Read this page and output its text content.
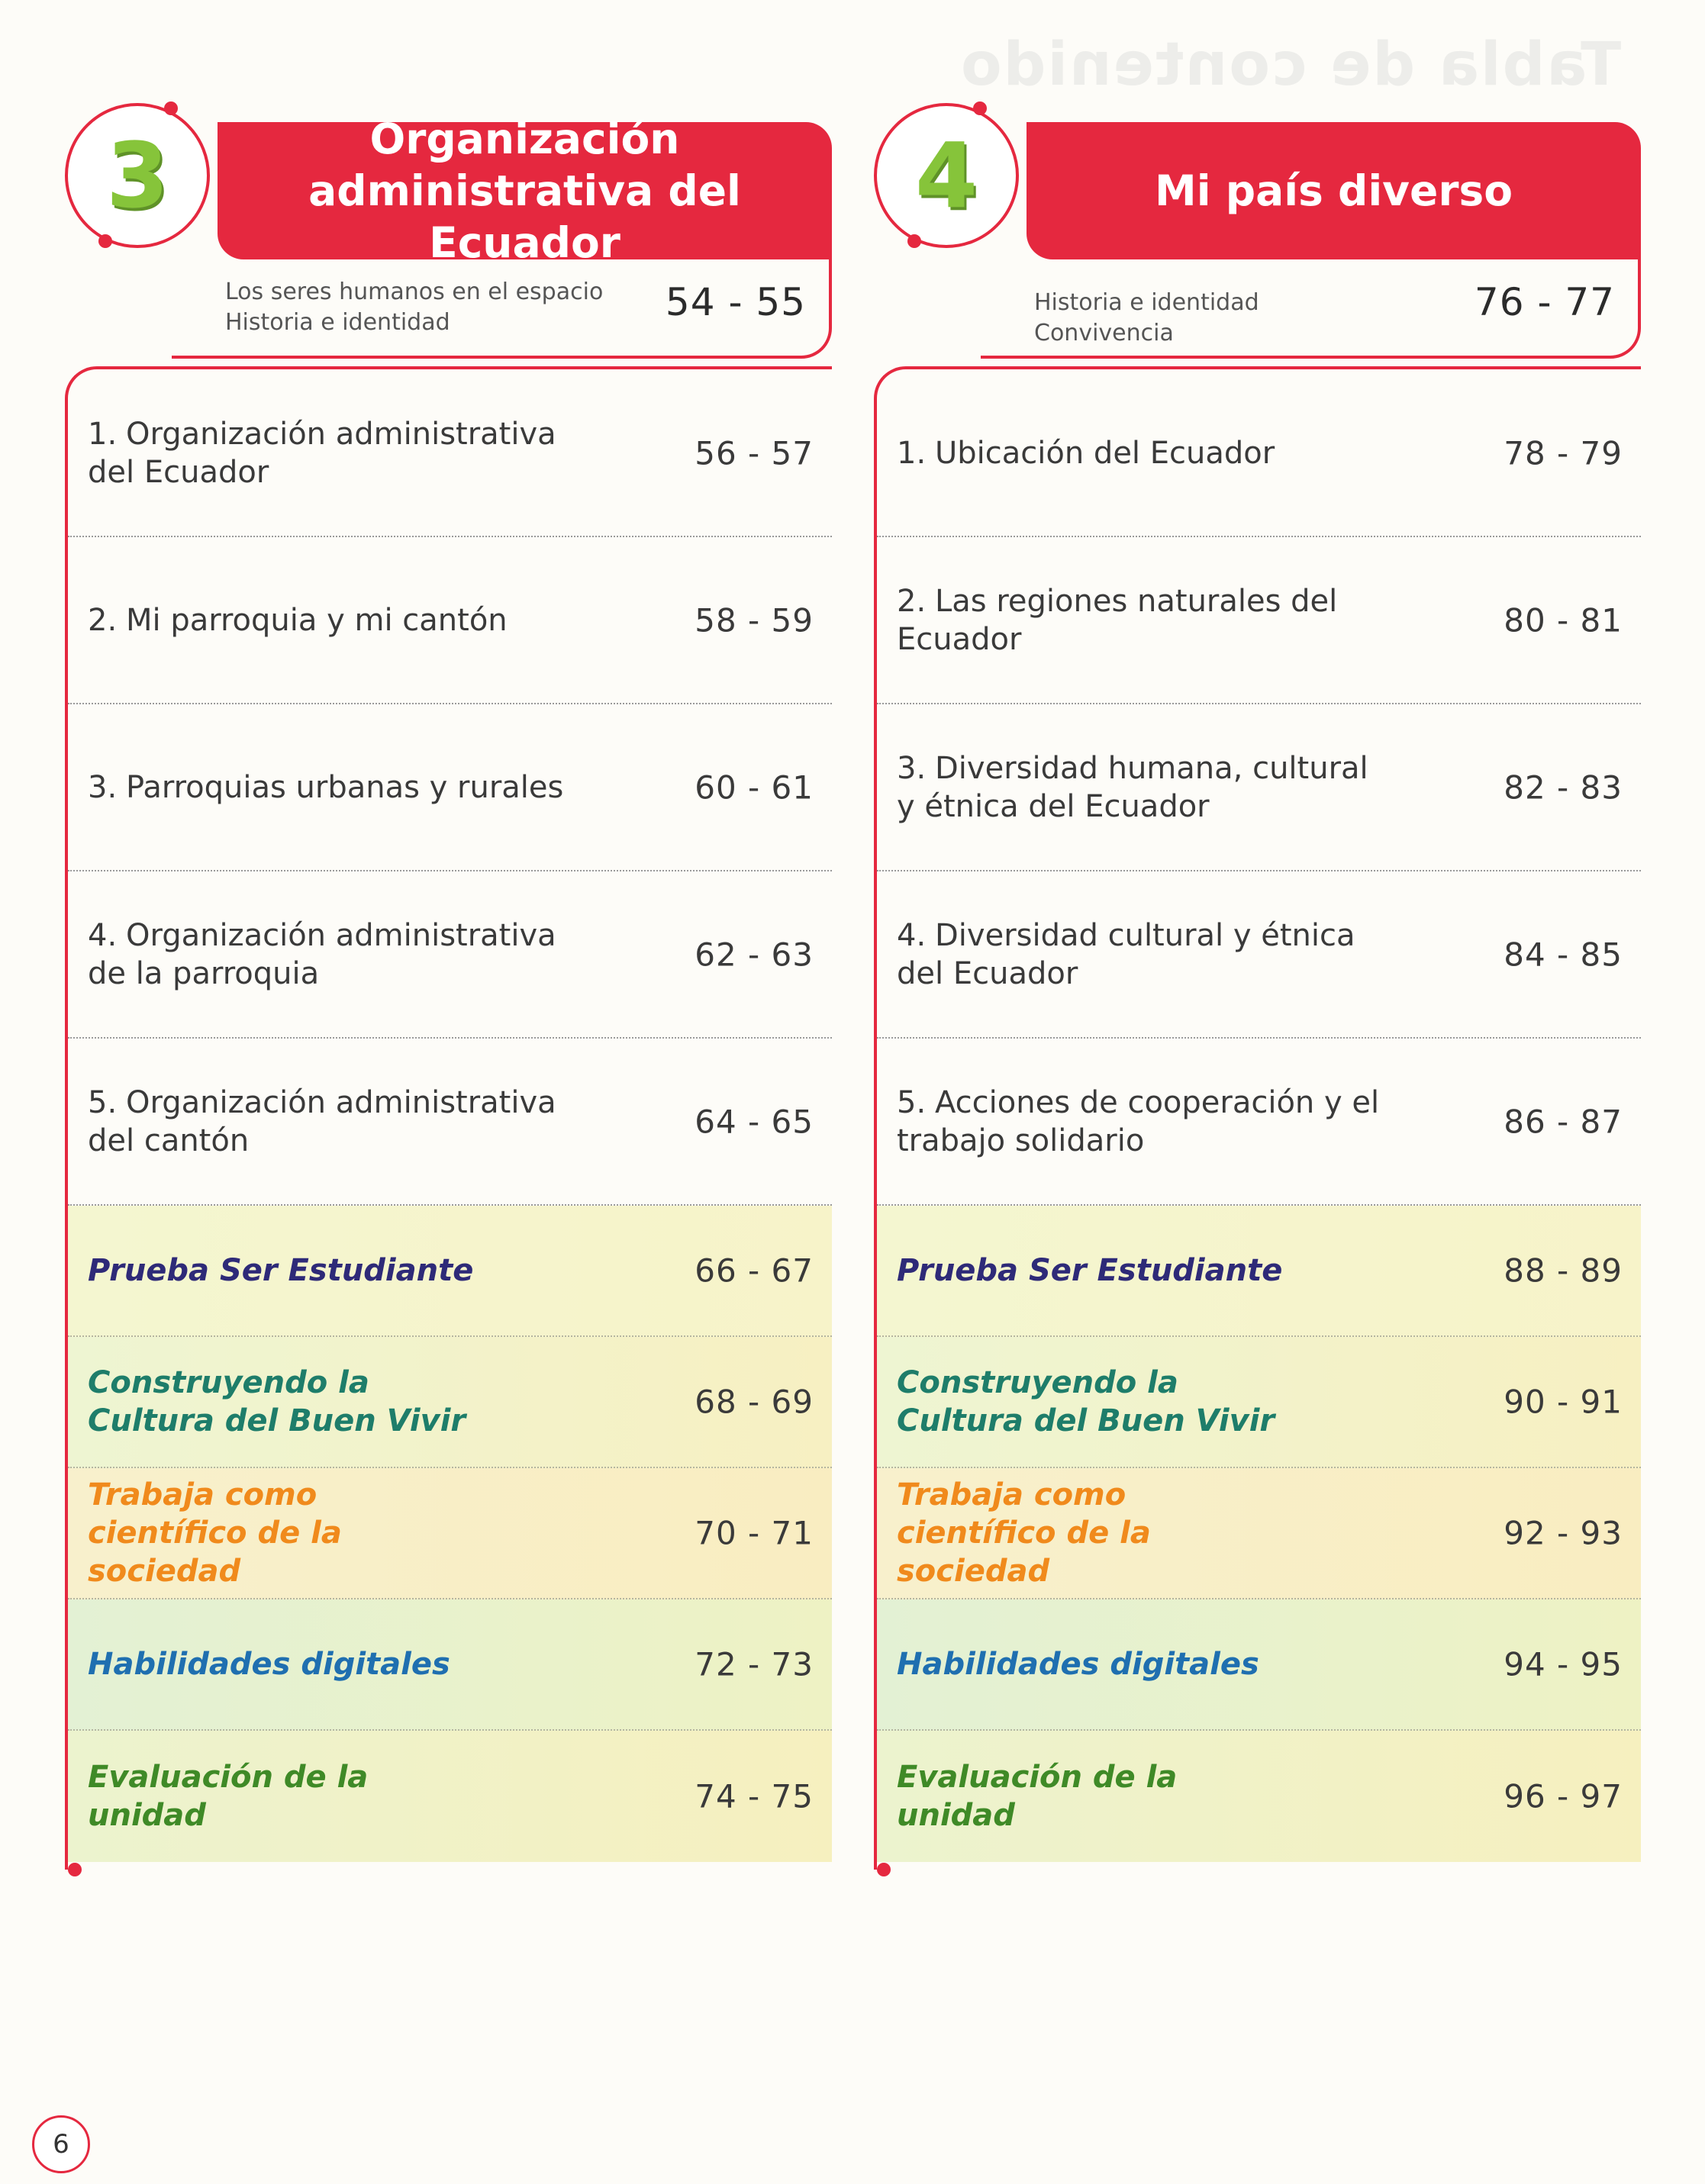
Tabla de contenido
Organización
administrativa del Ecuador
3
Los seres humanos en el espacio
Historia e identidad	54 - 55
1. Organización administrativa del Ecuador
56 - 57
2. Mi parroquia y mi cantón	58 - 59
3. Parroquias urbanas y rurales	60 - 61
4. Organización administrativa de la parroquia
62 - 63
5. Organización administrativa del cantón
64 - 65
Prueba Ser Estudiante	66 - 67
Construyendo la Cultura del Buen Vivir
68 - 69
Trabaja como científico de la sociedad
70 - 71
Habilidades digitales	72 - 73
Evaluación de la unidad
74 - 75
Mi país diverso
4
Historia e identidad
Convivencia
76 - 77
1. Ubicación del Ecuador	78 - 79
2. Las regiones naturales del Ecuador
80 - 81
3. Diversidad humana, cultural y étnica del Ecuador
82 - 83
4. Diversidad cultural y étnica del Ecuador
84 - 85
5. Acciones de cooperación y el trabajo solidario
86 - 87
Prueba Ser Estudiante	88 - 89
Construyendo la Cultura del Buen Vivir
90 - 91
Trabaja como científico de la sociedad
92 - 93
Habilidades digitales	94 - 95
Evaluación de la unidad
96 - 97
6
